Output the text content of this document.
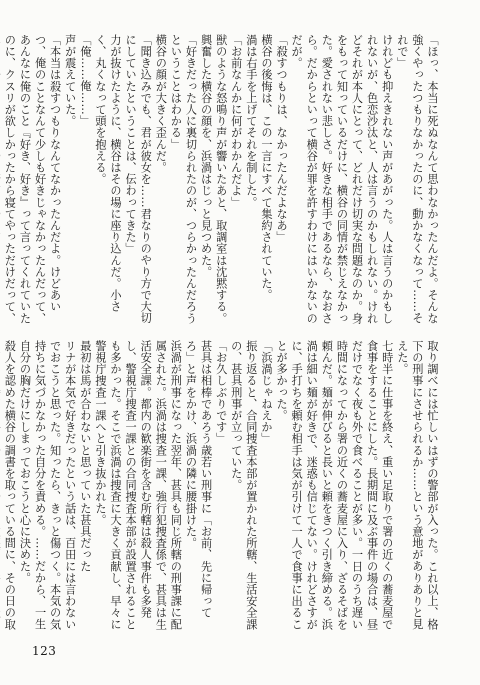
「ほっ、本当に死ぬなんて思わなかったんだよ。そんな強くやったつもりなかったのに、動かなくなって……それで」

けれども抑えきれない声があがった。人は言うのかもしれないが、色恋沙汰と、人は言うのかもしれない。けれどそれが本人にとって、どれだけ切実な問題なのか。身をもって知っているだけに、横谷の同情が禁じえなかった。愛されない悲しさ。好きな相手であるなら、なおさら。だからといって横谷が罪を許すわけにはいかないのだが。

「殺すつもりは、なかったんだよなあ」

横谷の後悔は、この一言にすべて集約されていた。

渦は右手を上げてそれを制した。

「お前なんかに何がわかんだよ」

獣のような怒鳴り声が響いたあと、取調室は沈黙する。興奮した横谷の顔を、浜渦はじっと見つめた。

「好きだった人に裏切られたのが、つらかったんだろうということはわかる」

横谷の顔が大きく歪んだ。

「聞き込みでも、君が彼女を……君なりのやり方で大切にしていたということは、伝わってきた」

力が抜けたように、横谷はその場に座り込んだ。小さく、丸くなって頭を抱える。

「俺……俺……」

声が震えていた。

「本当は殺すつもりなんてなかったんだよ。けどあいつ、俺のことなんて少しも好きじゃなかったんだって、あんなに俺のこと『好き、好き』って言ってくれていたのに、クスリが欲しかったから寝てやっただけだって、

取り調べには忙しいはずの警部が入った。これ以上、格下の刑事にさせられるか……という意地がありありと見えた。

七時半に仕事を終え、重い足取りで署の近くの蕎麦屋で食事をすることにした。長期間に及ぶ事件の場合は、昼だけでなく夜も外で食べることが多い。一日のうち遅い時間になってから署の近くの蕎麦屋に入り、ざるそばを頼んだ。麺が伸びると長いと頼をきつく引き締める。浜渦は細い麺が好きで、迷惑も信じてない。けれどさすがに、手打ちを頼む相手は気が引けて一人で食事に出ることが多かった。

「浜渦じゃねえか」

振り返ると、合同捜査本部が置かれた所轄、生活安全課の、甚具刑事が立っていた。

「お久しぶりです」

甚具は相棒であろう歳若い刑事に「お前、先に帰ってろ」と声をかけ、浜渦の隣に腰掛けた。

浜渦が刑事になった翌年、甚具も同じ所轄の刑事課に配属された。浜渦は捜査一課、強行犯捜査係で、甚具は生活安全課。都内の歓楽街を含む所轄は殺人事件も多発し、警視庁捜査一課との合同捜査本部が設置されることも多かった。そこで浜渦は捜査に大きく貢献し、早々に警視庁捜査一課へと引き抜かれた。

最初は馬が合わないと思っていた甚具だった

リナが本気で好きだったという話は、百田には言わないでおこうと思った。知ったら、きっと傷つく。本気の気持ちに気づかなかった自分を責める。……だから、一生自分の胸だけにしまっておこうと心に決めた。

殺人を認めた横谷の調書を取っている間に、その日の取

123
